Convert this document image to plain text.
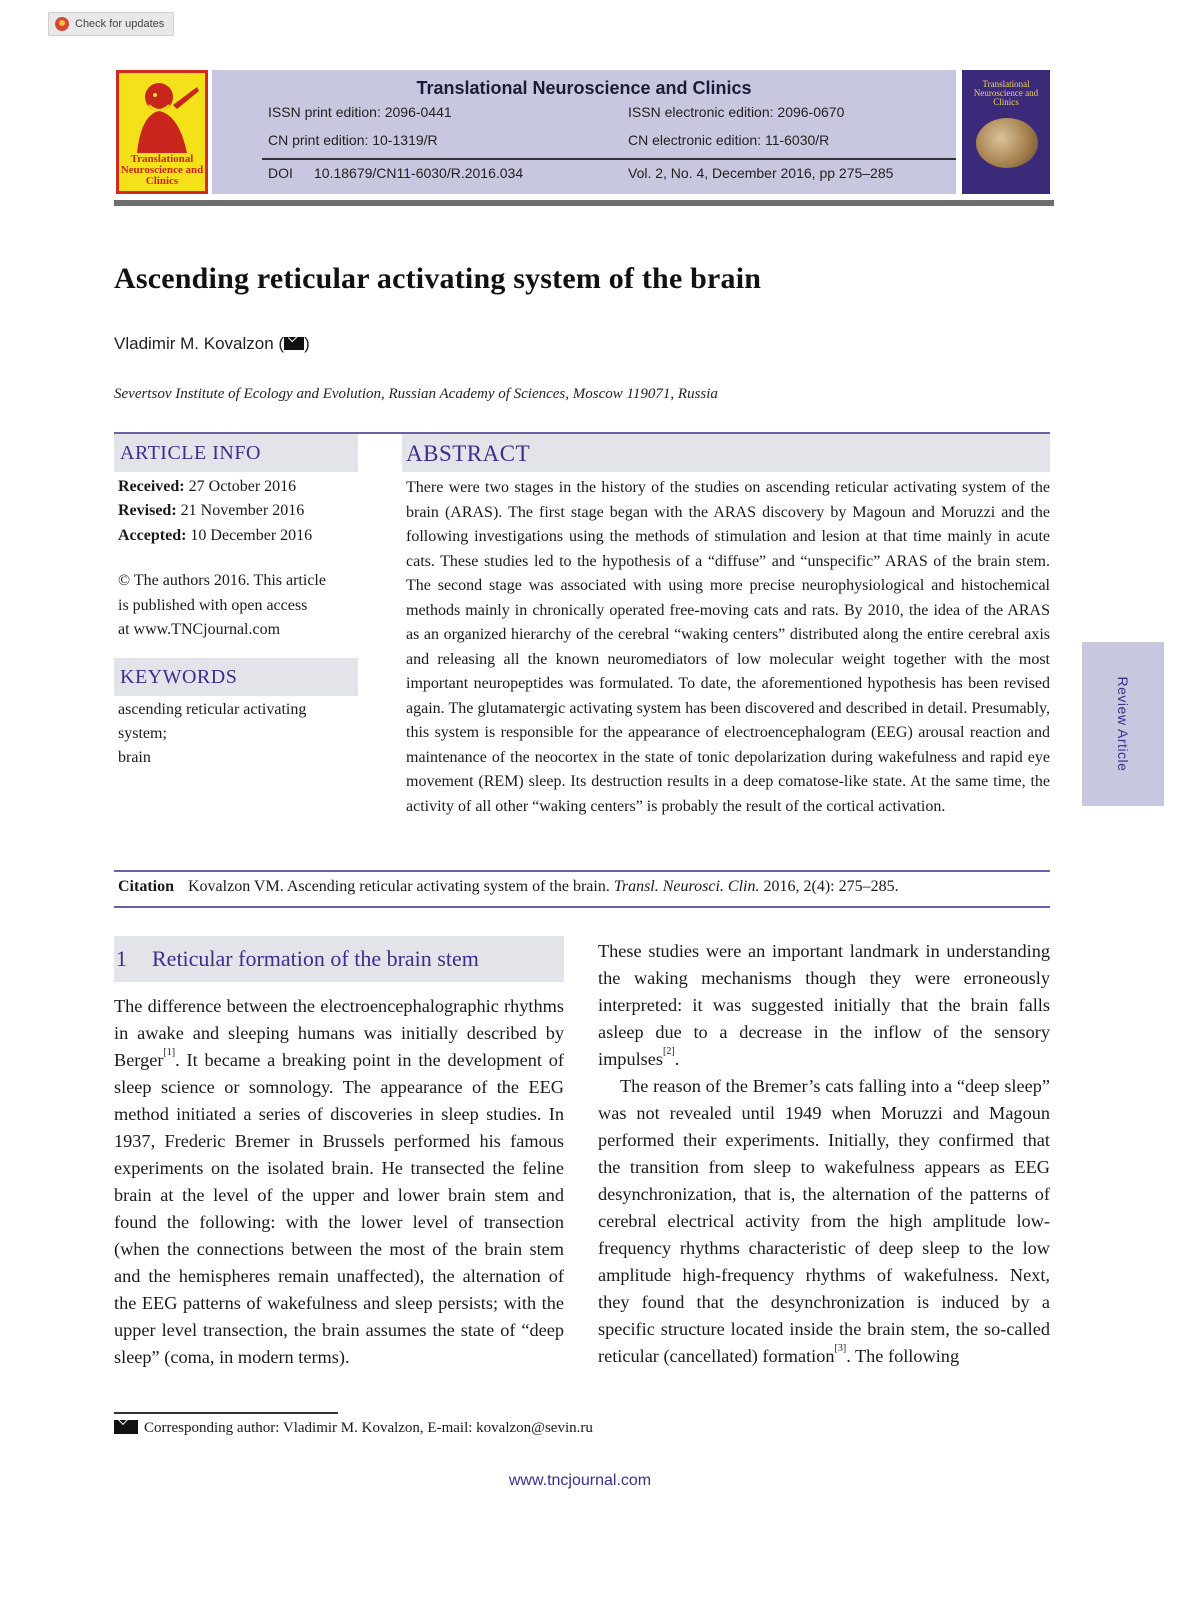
Check for updates
Translational Neuroscience and Clinics
Translational Neuroscience and Clinics
ISSN print edition: 2096-0441	ISSN electronic edition: 2096-0670
CN print edition: 10-1319/R	CN electronic edition: 11-6030/R
DOI 10.18679/CN11-6030/R.2016.034	Vol. 2, No. 4, December 2016, pp 275–285
Translational Neuroscience and Clinics
Ascending reticular activating system of the brain
Vladimir M. Kovalzon ( )
Severtsov Institute of Ecology and Evolution, Russian Academy of Sciences, Moscow 119071, Russia
ARTICLE INFO
Received: 27 October 2016
Revised: 21 November 2016
Accepted: 10 December 2016
© The authors 2016. This article
is published with open access
at www.TNCjournal.com
KEYWORDS
ascending reticular activating
system;
brain
ABSTRACT
There were two stages in the history of the studies on ascending reticular activating system of the brain (ARAS). The first stage began with the ARAS discovery by Magoun and Moruzzi and the following investigations using the methods of stimulation and lesion at that time mainly in acute cats. These studies led to the hypothesis of a “diffuse” and “unspecific” ARAS of the brain stem. The second stage was associated with using more precise neurophysiological and histochemical methods mainly in chronically operated free-moving cats and rats. By 2010, the idea of the ARAS as an organized hierarchy of the cerebral “waking centers” distributed along the entire cerebral axis and releasing all the known neuromediators of low molecular weight together with the most important neuropeptides was formulated. To date, the aforementioned hypothesis has been revised again. The glutamatergic activating system has been discovered and described in detail. Presumably, this system is responsible for the appearance of electroencephalogram (EEG) arousal reaction and maintenance of the neocortex in the state of tonic depolarization during wakefulness and rapid eye movement (REM) sleep. Its destruction results in a deep comatose-like state. At the same time, the activity of all other “waking centers” is probably the result of the cortical activation.
Citation Kovalzon VM. Ascending reticular activating system of the brain. Transl. Neurosci. Clin. 2016, 2(4): 275–285.
1	Reticular formation of the brain stem

The difference between the electroencephalographic rhythms in awake and sleeping humans was initially described by Berger[1]. It became a breaking point in the development of sleep science or somnology. The appearance of the EEG method initiated a series of discoveries in sleep studies. In 1937, Frederic Bremer in Brussels performed his famous experiments on the isolated brain. He transected the feline brain at the level of the upper and lower brain stem and found the following: with the lower level of transection (when the connections between the most of the brain stem and the hemispheres remain unaffected), the alternation of the EEG patterns of wakefulness and sleep persists; with the upper level transection, the brain assumes the state of “deep sleep” (coma, in modern terms).

These studies were an important landmark in understanding the waking mechanisms though they were erroneously interpreted: it was suggested initially that the brain falls asleep due to a decrease in the inflow of the sensory impulses[2].

The reason of the Bremer’s cats falling into a “deep sleep” was not revealed until 1949 when Moruzzi and Magoun performed their experiments. Initially, they confirmed that the transition from sleep to wakefulness appears as EEG desynchronization, that is, the alternation of the patterns of cerebral electrical activity from the high amplitude low-frequency rhythms characteristic of deep sleep to the low amplitude high-frequency rhythms of wakefulness. Next, they found that the desynchronization is induced by a specific structure located inside the brain stem, the so-called reticular (cancellated) formation[3]. The following

Corresponding author: Vladimir M. Kovalzon, E-mail: kovalzon@sevin.ru
www.tncjournal.com
Review Article
